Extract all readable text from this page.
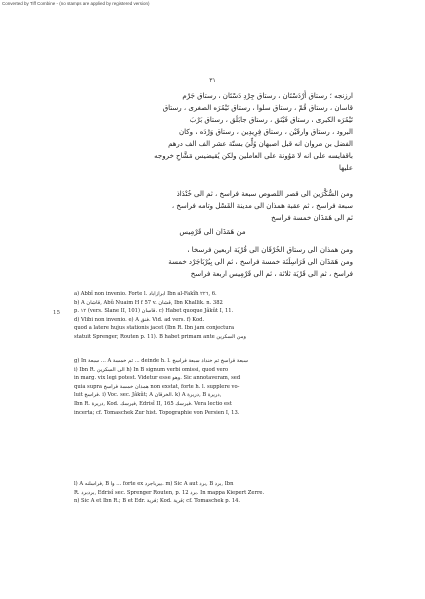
Converted by Tiff Combine - (no stamps are applied by registered version)
٣١
ارزنجه ؛ رستاق أُرْدَسْتَان ، رستاق جِرْدِ دَسْتَان ، رستاق جَرْم
قاسان ، رستاق قُمّ ، رستاق سلوا ، رستاق تَيْمُرَه الصغرى ، رستاق
تَيْمُرَه الكبرى ، رستاق فَيْنَق ، رستاق جابَلَق ، رستاق بَرْبَ
البرود ، رستاق وارقَيْن ، رستاق فِرِيدِين ، رستاق وَرْدَه ، وكان
الفضل بن مروان انه قبل اصبهان وُلِّيَ بستّة عشر الف الف درهم
باقفايسه على انه لا مَوُونة على العاملين ولكن يُقيضيس مَشَّاحِ خروجه
عليها
ومن السُّكَّرَين الى قصر اللصوص سبعة فراسخ ، ثم الى خُنْدَاذ
سبعة فراسخ ، ثم عقبة همذان الى مدينة القَسْل وتامه فراسخ ،
ثم الى هَمَذَان خمسة فراسخ
من هَمَذَان الى قَرْمِيس
ومن همذان الى رستاق الخُرْقَان الى قُرْيَة اربعين فرسخا ،
ومن هَمَذَان الى فَرَاسِلَنَة خمسة فراسخ ، ثم الى بِيُرْبَاجَرْد خمسة
فراسخ ، ثم الى قَرْيَة ثلاثة ، ثم الى قَرْمِيس اربعة فراسخ
15
a) Abbî non invenio. Forte l. ابرازاباد Ibn al-Fakîh ٢٢٦, 6.
b) A قاشان, Abû Nuaim H f 57 v. قشان, Ibn Khallik. n. 382
p. ١٢ (vers. Slane II, 101) قاسان. c) Habet quoque Jâkût I, 11.
d) Vlibi non invenio. e) A فنق. Vid. ad vers. f) Kod.
quod a latere hujus stationis jacet (Ibn R. Ibn jam conjectura
statuit Sprenger, Routen p. 11). B habet primam ante ومن السكرين
g) In سبعة ... A ثم خمسة ... deinde h. l. سبعة فراسخ ثم خنداذ سبعة فراسخ
i) Ibn R. الى السكرين h) In B signum verbi omissi, quod vero
in marg. vix legi potest. Videtur esse وهو. Sic annotaveram, sed
quia supra همذان خمسة فراسخ non exstat, forte h. l. supplere vo-
luit فراسخ. i) Voc. sec. Jâkût; A الخرقان. k) A دريرة, B دريرة,
Ibn R. دريرة, Kod. فيرسك, Edrisî II, 165 فيرسك. Vera lectio est
incerta; cf. Tomaschek Zur hist. Topographie von Persien I, 13.
l) A فراسلنه, B وا ... forte ex بيرباجرد. m) Sic A aut برد, B برد, Ibn
R. بردبرد, Edrisî sec. Sprenger Routen, p. 12 برد. In mappa Kiepert Zerre.
n) Sic A et Ibn R.; B et Edr. فرية; Kod. قرية; cf. Tomaschek p. 14.
